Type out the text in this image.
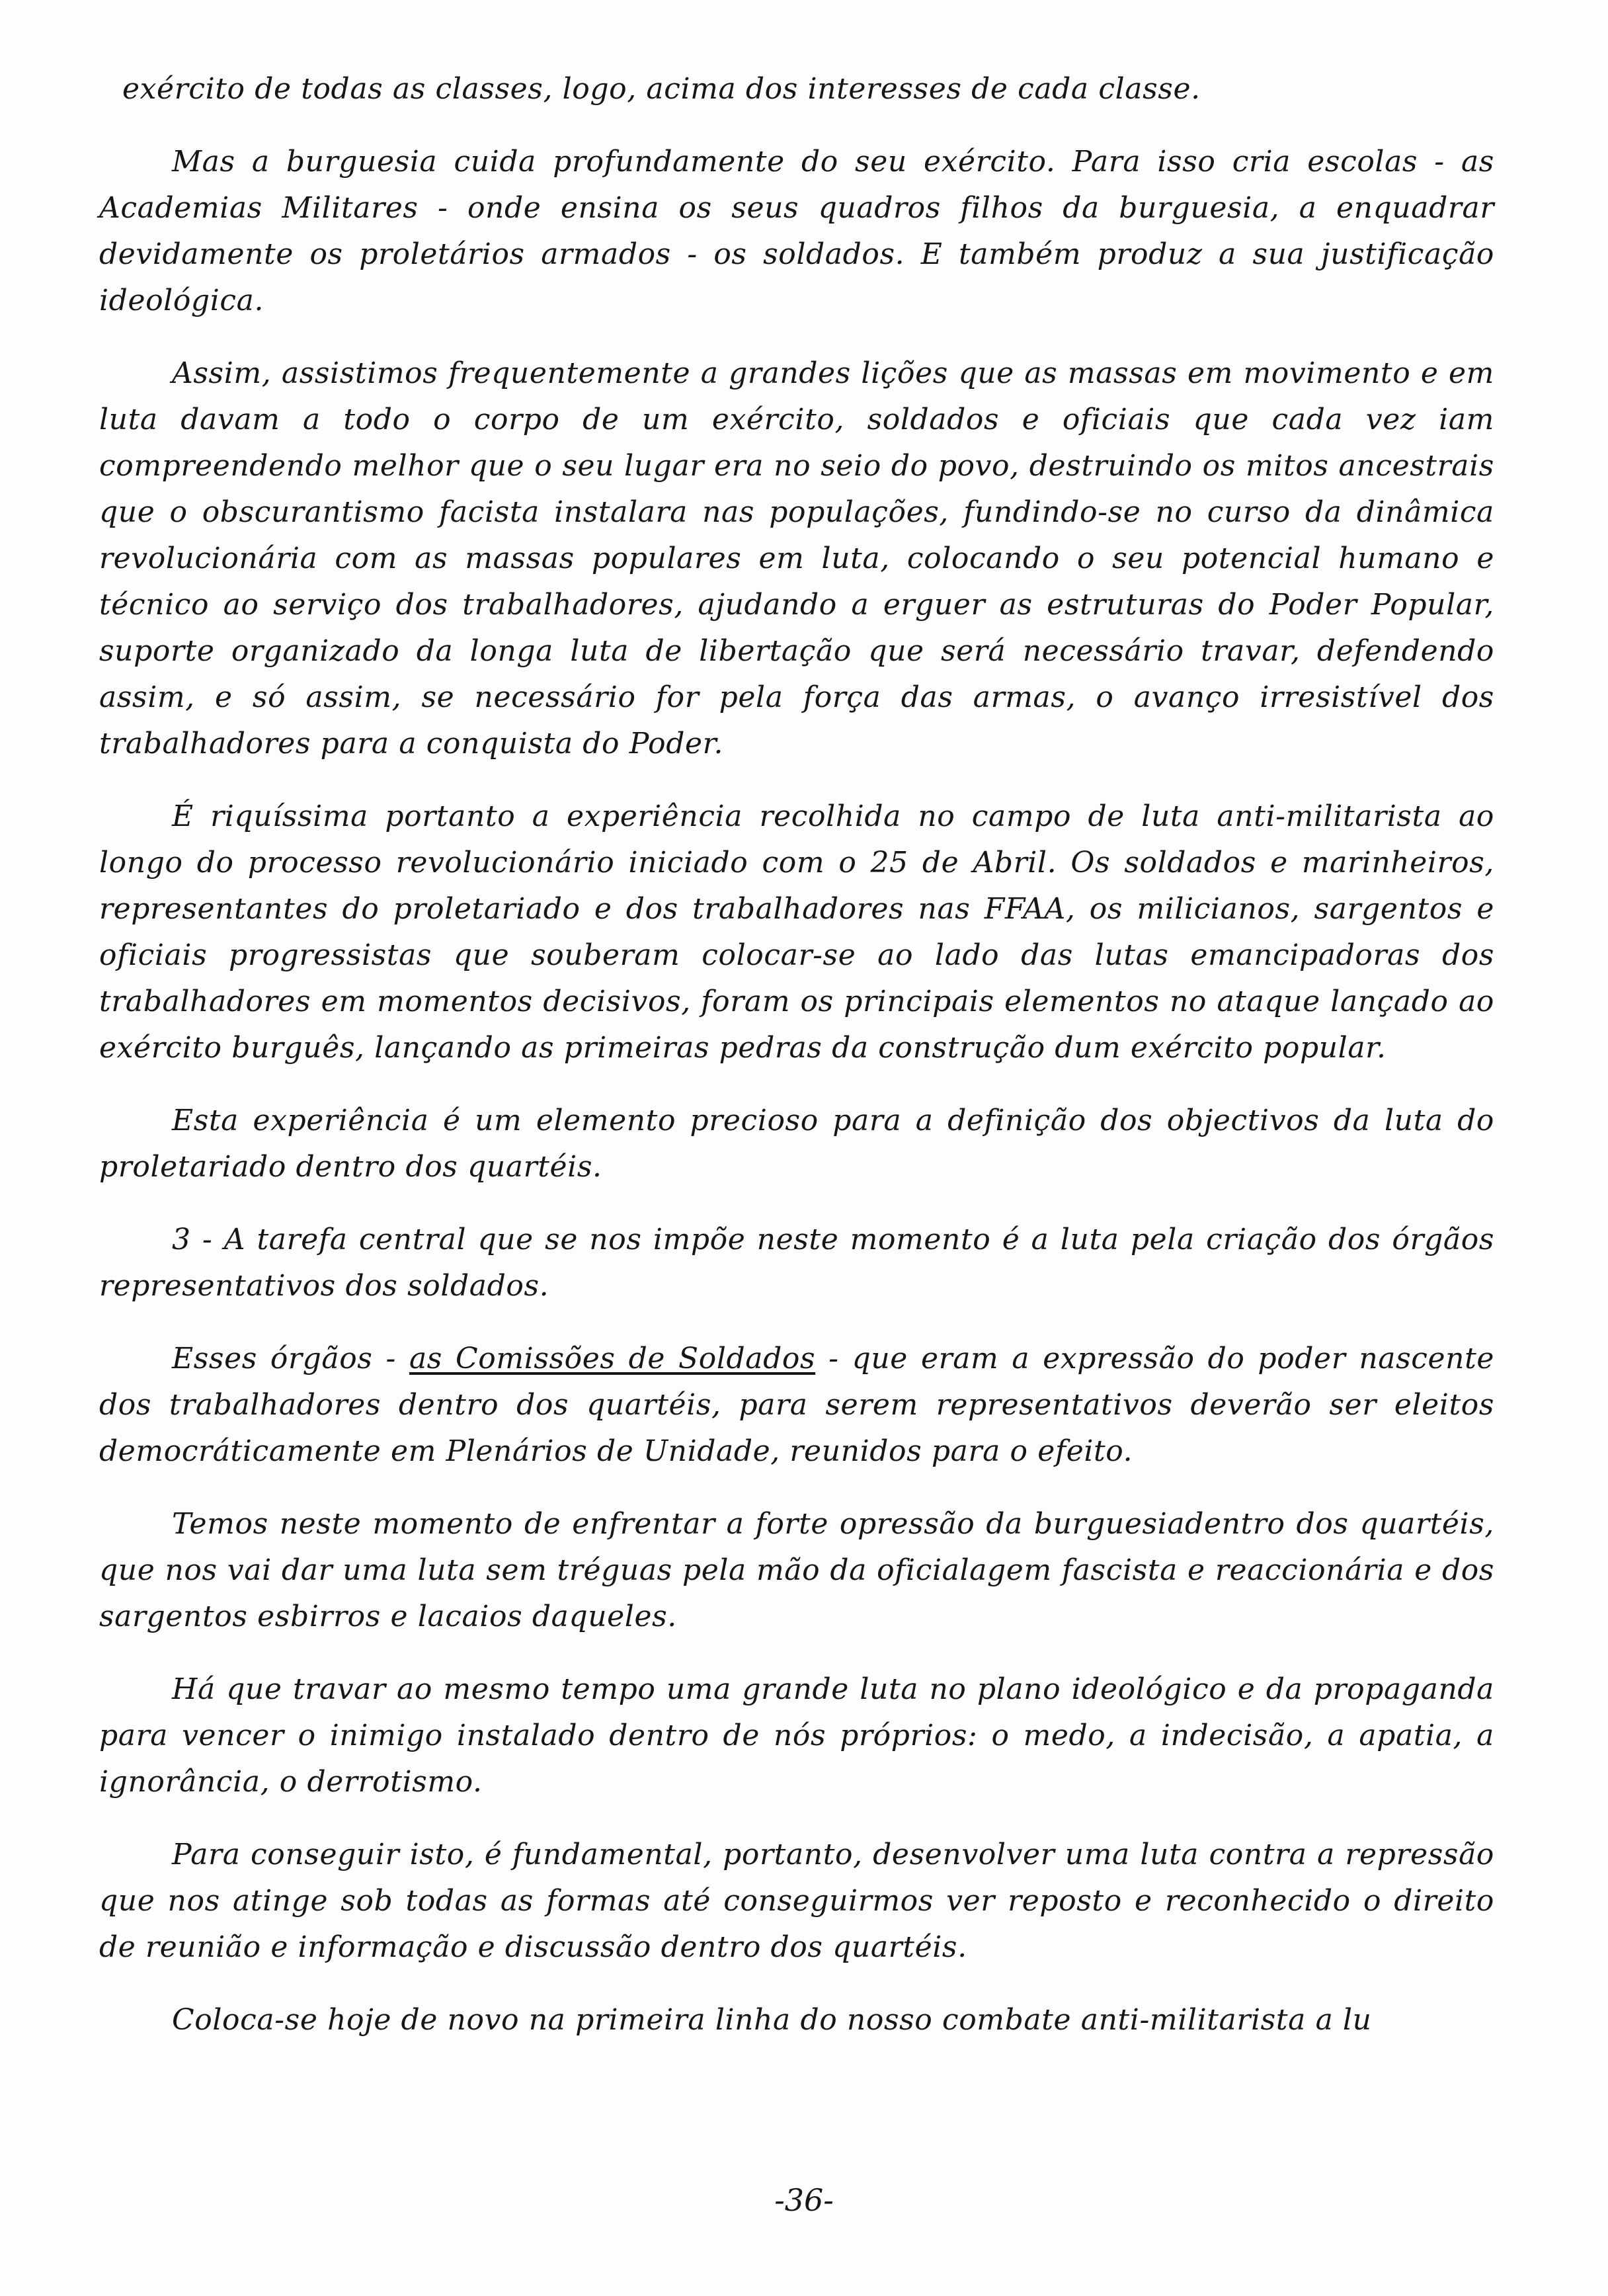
exército de todas as classes, logo, acima dos interesses de cada classe.

Mas a burguesia cuida profundamente do seu exército. Para isso cria escolas - as Academias Militares - onde ensina os seus quadros filhos da burguesia, a enquadrar devidamente os proletários armados - os soldados. E também produz a sua justificação ideológica.

Assim, assistimos frequentemente a grandes lições que as massas em movimento e em luta davam a todo o corpo de um exército, soldados e oficiais que cada vez iam compreendendo melhor que o seu lugar era no seio do povo, destruindo os mitos ancestrais que o obscurantismo facista instalara nas populações, fundindo-se no curso da dinâmica revolucionária com as massas populares em luta, colocando o seu potencial humano e técnico ao serviço dos trabalhadores, ajudando a erguer as estruturas do Poder Popular, suporte organizado da longa luta de libertação que será necessário travar, defendendo assim, e só assim, se necessário for pela força das armas, o avanço irresistível dos trabalhadores para a conquista do Poder.

É riquíssima portanto a experiência recolhida no campo de luta anti-militarista ao longo do processo revolucionário iniciado com o 25 de Abril. Os soldados e marinheiros, representantes do proletariado e dos trabalhadores nas FFAA, os milicianos, sargentos e oficiais progressistas que souberam colocar-se ao lado das lutas emancipadoras dos trabalhadores em momentos decisivos, foram os principais elementos no ataque lançado ao exército burguês, lançando as primeiras pedras da construção dum exército popular.

Esta experiência é um elemento precioso para a definição dos objectivos da luta do proletariado dentro dos quartéis.

3 - A tarefa central que se nos impõe neste momento é a luta pela criação dos órgãos representativos dos soldados.

Esses órgãos - as Comissões de Soldados - que eram a expressão do poder nascente dos trabalhadores dentro dos quartéis, para serem representativos deverão ser eleitos democráticamente em Plenários de Unidade, reunidos para o efeito.

Temos neste momento de enfrentar a forte opressão da burguesiadentro dos quartéis, que nos vai dar uma luta sem tréguas pela mão da oficialagem fascista e reaccionária e dos sargentos esbirros e lacaios daqueles.

Há que travar ao mesmo tempo uma grande luta no plano ideológico e da propaganda para vencer o inimigo instalado dentro de nós próprios: o medo, a indecisão, a apatia, a ignorância, o derrotismo.

Para conseguir isto, é fundamental, portanto, desenvolver uma luta contra a repressão que nos atinge sob todas as formas até conseguirmos ver reposto e reconhecido o direito de reunião e informação e discussão dentro dos quartéis.

Coloca-se hoje de novo na primeira linha do nosso combate anti-militarista a lu

-36-
